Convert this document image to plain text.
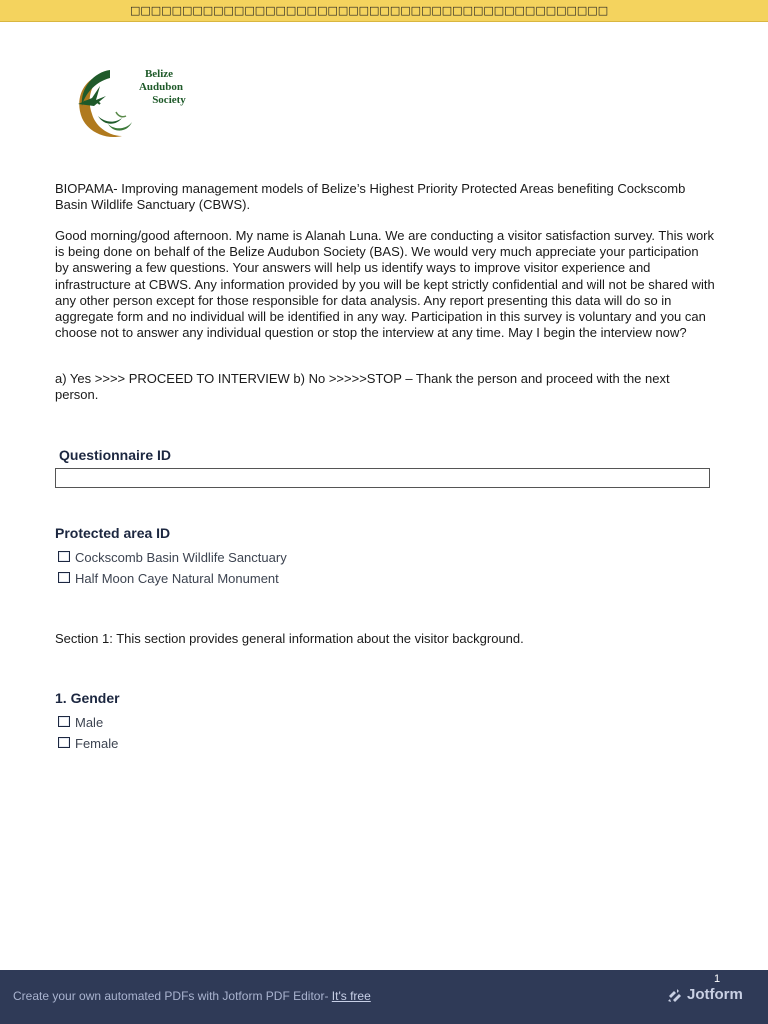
□□□□□□□□□□□□□□□□□□□□□□□□□□□□□□□□□□□□□□□□□□□□□□
Belize
Audubon
Society

BIOPAMA- Improving management models of Belize’s Highest Priority Protected Areas benefiting Cockscomb Basin Wildlife Sanctuary (CBWS).

Good morning/good afternoon. My name is Alanah Luna. We are conducting a visitor satisfaction survey. This work is being done on behalf of the Belize Audubon Society (BAS). We would very much appreciate your participation by answering a few questions. Your answers will help us identify ways to improve visitor experience and infrastructure at CBWS. Any information provided by you will be kept strictly confidential and will not be shared with any other person except for those responsible for data analysis. Any report presenting this data will do so in aggregate form and no individual will be identified in any way. Participation in this survey is voluntary and you can choose not to answer any individual question or stop the interview at any time. May I begin the interview now?

a) Yes >>>> PROCEED TO INTERVIEW b) No >>>>>STOP – Thank the person and proceed with the next person.

Questionnaire ID
Protected area ID
Cockscomb Basin Wildlife Sanctuary
Half Moon Caye Natural Monument
Section 1: This section provides general information about the visitor background.
1. Gender
Male
Female
1
Create your own automated PDFs with Jotform PDF Editor- It's free	Jotform
